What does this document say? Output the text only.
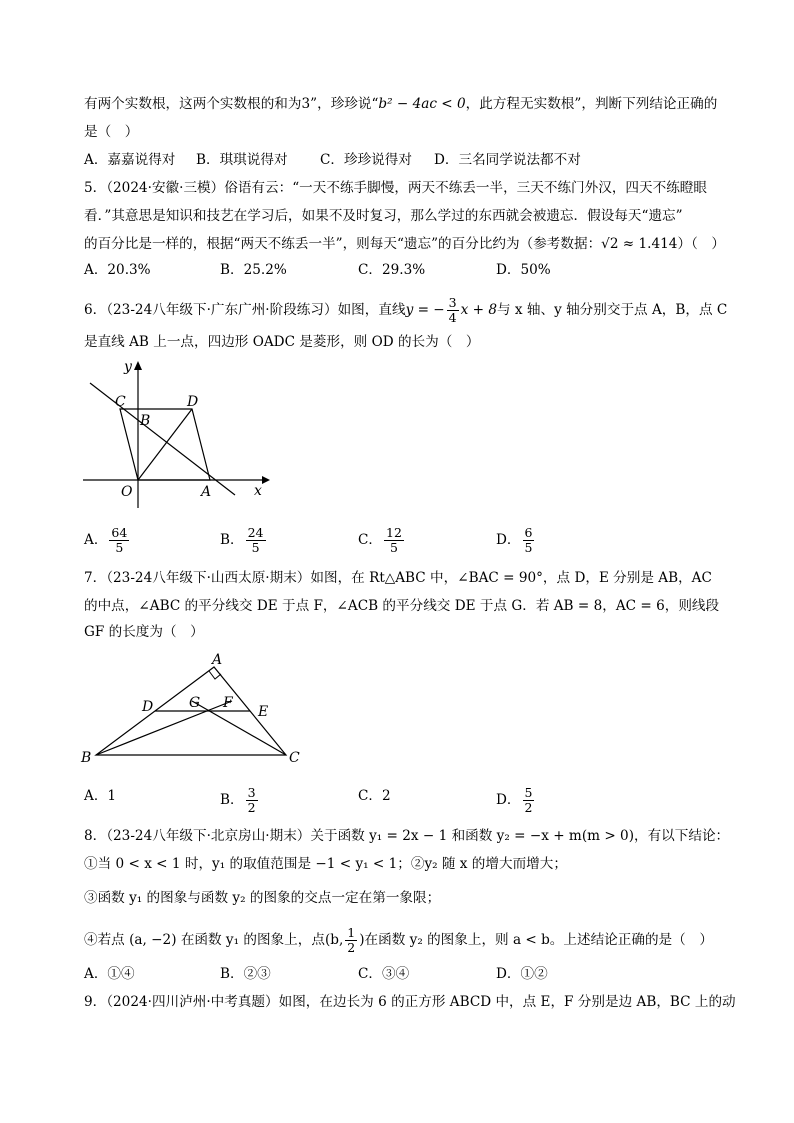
有两个实数根，这两个实数根的和为3”，珍珍说“b² − 4ac < 0，此方程无实数根”，判断下列结论正确的
是（　）
A．嘉嘉说得对 B．琪琪说得对 C．珍珍说得对 D．三名同学说法都不对
5．（2024·安徽·三模）俗语有云：“一天不练手脚慢，两天不练丢一半，三天不练门外汉，四天不练瞪眼
看．”其意思是知识和技艺在学习后，如果不及时复习，那么学过的东西就会被遗忘．假设每天“遗忘”
的百分比是一样的，根据“两天不练丢一半”，则每天“遗忘”的百分比约为（参考数据：√2 ≈ 1.414）（　）
A．20.3%	B．25.2%	C．29.3%	D．50%
6．（23-24八年级下·广东广州·阶段练习）如图，直线y = − $\frac{3}{4}$ x + 8与 x 轴、y 轴分别交于点 A，B，点 C
是直线 AB 上一点，四边形 OADC 是菱形，则 OD 的长为（　）
y
x
C	D
B
O	A
A． $\frac{64}{5}$	B． $\frac{24}{5}$	C． $\frac{12}{5}$	D． $\frac{6}{5}$
7．（23-24八年级下·山西太原·期末）如图，在 Rt△ABC 中，∠BAC = 90°，点 D，E 分别是 AB，AC
的中点，∠ABC 的平分线交 DE 于点 F，∠ACB 的平分线交 DE 于点 G．若 AB = 8，AC = 6，则线段
GF 的长度为（　）
A
D	G F
E
B	C
A．1	B． $\frac{3}{2}$	C．2	D． $\frac{5}{2}$
8．（23-24八年级下·北京房山·期末）关于函数 y₁ = 2x − 1 和函数 y₂ = −x + m(m > 0)，有以下结论：
①当 0 < x < 1 时，y₁ 的取值范围是 −1 < y₁ < 1；②y₂ 随 x 的增大而增大；
③函数 y₁ 的图象与函数 y₂ 的图象的交点一定在第一象限；
④若点 (a, −2) 在函数 y₁ 的图象上，点(b, $\frac{1}{2}$ )在函数 y₂ 的图象上，则 a < b。上述结论正确的是（　）
A．①④	B．②③	C．③④	D．①②
9．（2024·四川泸州·中考真题）如图，在边长为 6 的正方形 ABCD 中，点 E，F 分别是边 AB，BC 上的动
